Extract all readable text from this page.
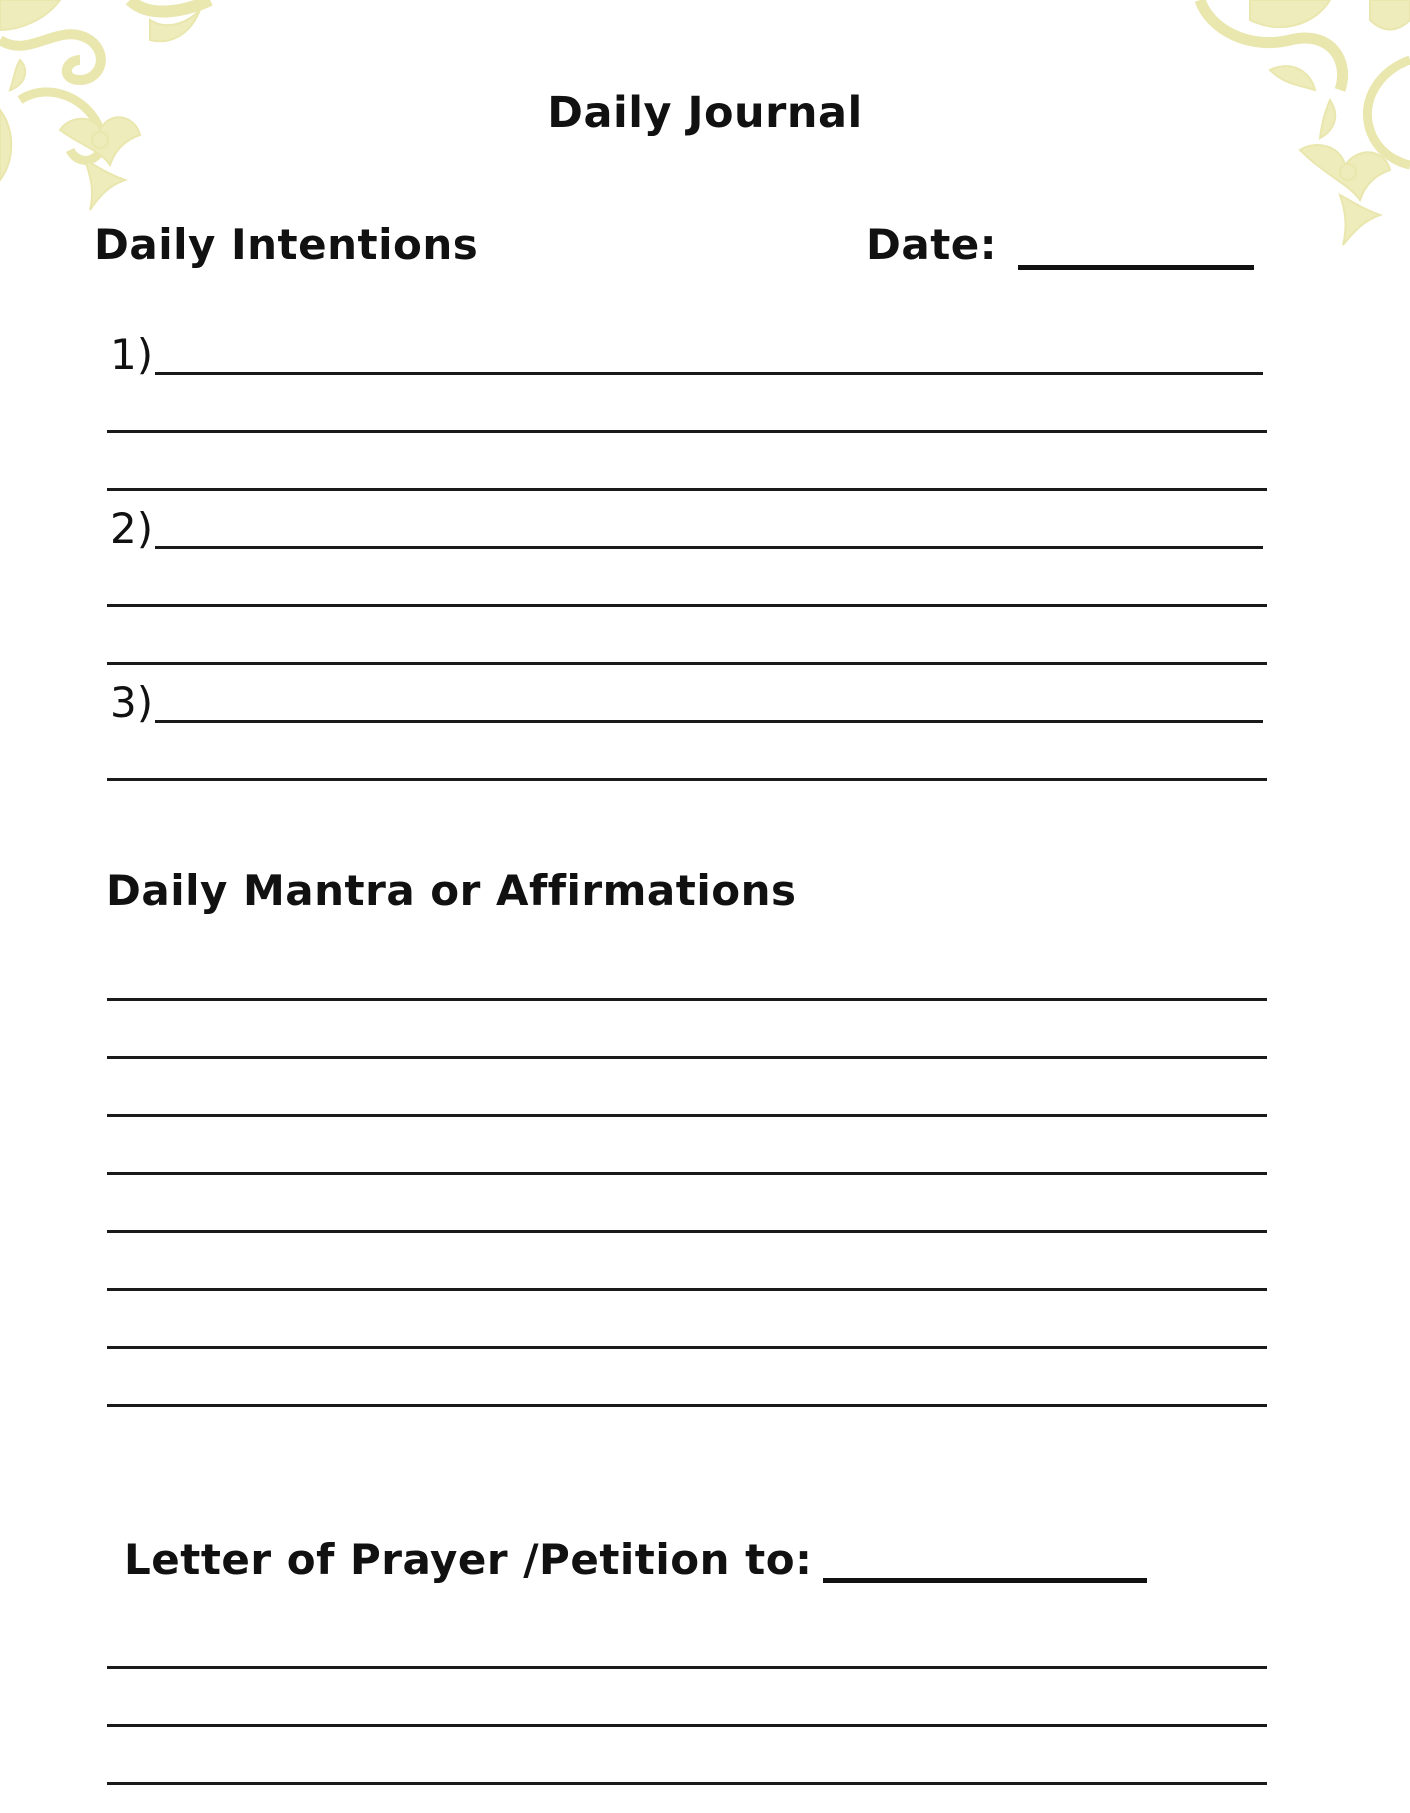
Daily Journal
Daily Intentions	Date:
1)
2)
3)
Daily Mantra or Affirmations
Letter of Prayer /Petition to:
